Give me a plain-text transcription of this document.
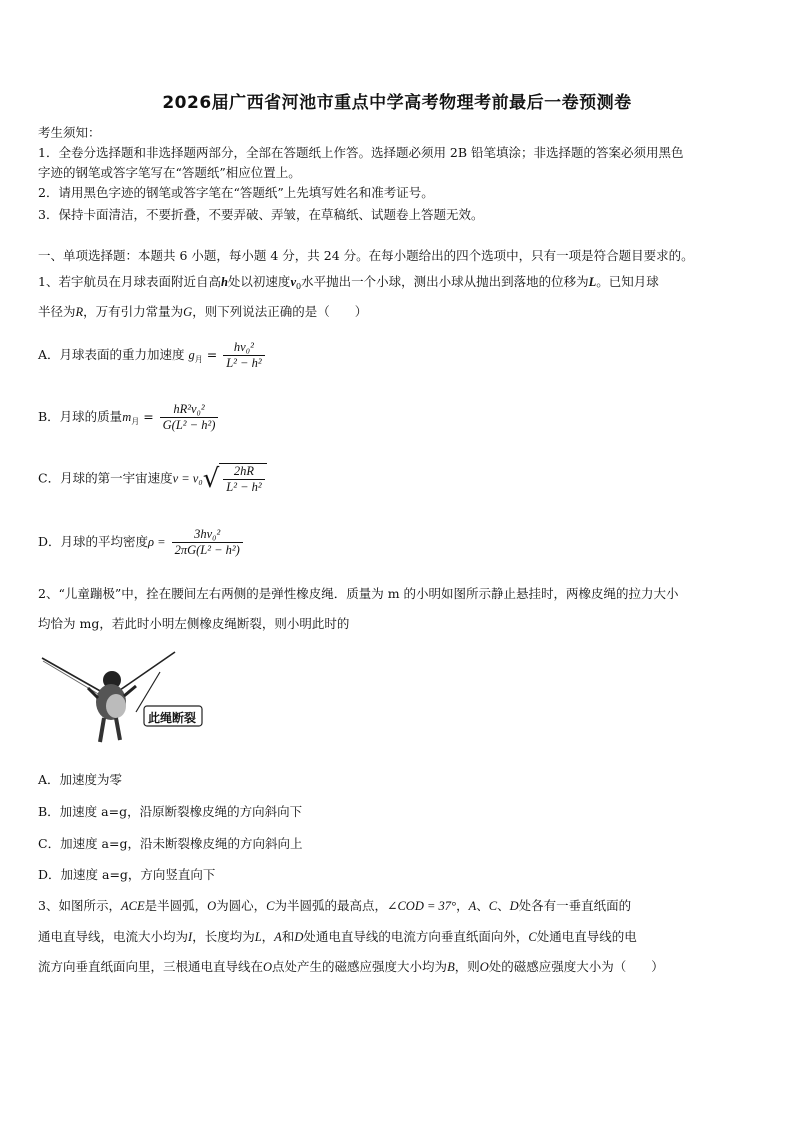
2026届广西省河池市重点中学高考物理考前最后一卷预测卷
考生须知：
1．全卷分选择题和非选择题两部分，全部在答题纸上作答。选择题必须用 2B 铅笔填涂；非选择题的答案必须用黑色
字迹的钢笔或答字笔写在“答题纸”相应位置上。
2．请用黑色字迹的钢笔或答字笔在“答题纸”上先填写姓名和准考证号。
3．保持卡面清洁，不要折叠，不要弄破、弄皱，在草稿纸、试题卷上答题无效。
一、单项选择题：本题共 6 小题，每小题 4 分，共 24 分。在每小题给出的四个选项中，只有一项是符合题目要求的。
1、若宇航员在月球表面附近自高h处以初速度$v_0$水平抛出一个小球，测出小球从抛出到落地的位移为L。已知月球
半径为R，万有引力常量为G，则下列说法正确的是（　　）
A．月球表面的重力加速度 $g_月 = \frac{\text{hv₀²}}{\text{L² − h²}}$
B．月球的质量$m_月 = \frac{\text{hR²v₀²}}{\text{G(L² − h²)}}$
C．月球的第一宇宙速度$v = v_0√ \frac{2hR}{\text{L² − h²}}$
D．月球的平均密度$\rho = \frac{\text{3hv₀²}}{\text{2πG(L² − h²)}}$
2、“儿童蹦极”中，拴在腰间左右两侧的是弹性橡皮绳．质量为 m 的小明如图所示静止悬挂时，两橡皮绳的拉力大小
均恰为 mg，若此时小明左侧橡皮绳断裂，则小明此时的
此绳断裂
A．加速度为零
B．加速度 a=g，沿原断裂橡皮绳的方向斜向下
C．加速度 a=g，沿未断裂橡皮绳的方向斜向上
D．加速度 a=g，方向竖直向下
3、如图所示，ACE是半圆弧，O为圆心，C为半圆弧的最高点，∠COD = 37°，A、C、D处各有一垂直纸面的
通电直导线，电流大小均为I，长度均为L，A和D处通电直导线的电流方向垂直纸面向外，C处通电直导线的电
流方向垂直纸面向里，三根通电直导线在O点处产生的磁感应强度大小均为B，则O处的磁感应强度大小为（　　）
